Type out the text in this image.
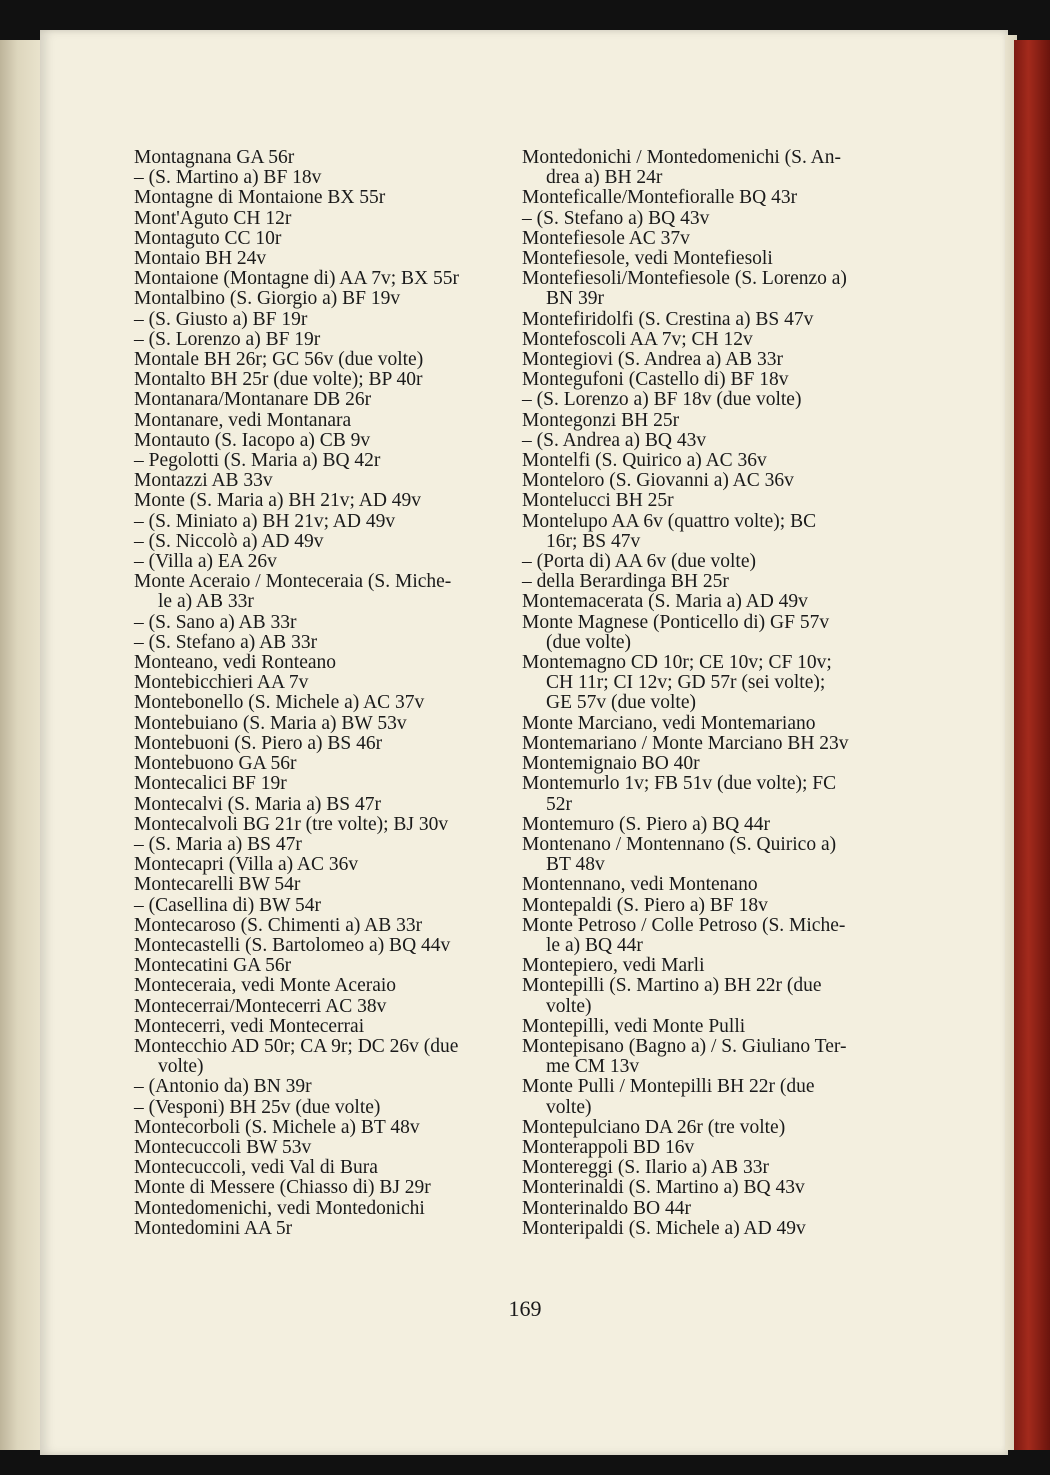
Montagnana GA 56r
– (S. Martino a) BF 18v
Montagne di Montaione BX 55r
Mont'Aguto CH 12r
Montaguto CC 10r
Montaio BH 24v
Montaione (Montagne di) AA 7v; BX 55r
Montalbino (S. Giorgio a) BF 19v
– (S. Giusto a) BF 19r
– (S. Lorenzo a) BF 19r
Montale BH 26r; GC 56v (due volte)
Montalto BH 25r (due volte); BP 40r
Montanara/Montanare DB 26r
Montanare, vedi Montanara
Montauto (S. Iacopo a) CB 9v
– Pegolotti (S. Maria a) BQ 42r
Montazzi AB 33v
Monte (S. Maria a) BH 21v; AD 49v
– (S. Miniato a) BH 21v; AD 49v
– (S. Niccolò a) AD 49v
– (Villa a) EA 26v
Monte Aceraio / Monteceraia (S. Miche-
le a) AB 33r
– (S. Sano a) AB 33r
– (S. Stefano a) AB 33r
Monteano, vedi Ronteano
Montebicchieri AA 7v
Montebonello (S. Michele a) AC 37v
Montebuiano (S. Maria a) BW 53v
Montebuoni (S. Piero a) BS 46r
Montebuono GA 56r
Montecalici BF 19r
Montecalvi (S. Maria a) BS 47r
Montecalvoli BG 21r (tre volte); BJ 30v
– (S. Maria a) BS 47r
Montecapri (Villa a) AC 36v
Montecarelli BW 54r
– (Casellina di) BW 54r
Montecaroso (S. Chimenti a) AB 33r
Montecastelli (S. Bartolomeo a) BQ 44v
Montecatini GA 56r
Monteceraia, vedi Monte Aceraio
Montecerrai/Montecerri AC 38v
Montecerri, vedi Montecerrai
Montecchio AD 50r; CA 9r; DC 26v (due
volte)
– (Antonio da) BN 39r
– (Vesponi) BH 25v (due volte)
Montecorboli (S. Michele a) BT 48v
Montecuccoli BW 53v
Montecuccoli, vedi Val di Bura
Monte di Messere (Chiasso di) BJ 29r
Montedomenichi, vedi Montedonichi
Montedomini AA 5r
Montedonichi / Montedomenichi (S. An-
drea a) BH 24r
Monteficalle/Montefioralle BQ 43r
– (S. Stefano a) BQ 43v
Montefiesole AC 37v
Montefiesole, vedi Montefiesoli
Montefiesoli/Montefiesole (S. Lorenzo a)
BN 39r
Montefiridolfi (S. Crestina a) BS 47v
Montefoscoli AA 7v; CH 12v
Montegiovi (S. Andrea a) AB 33r
Montegufoni (Castello di) BF 18v
– (S. Lorenzo a) BF 18v (due volte)
Montegonzi BH 25r
– (S. Andrea a) BQ 43v
Montelfi (S. Quirico a) AC 36v
Monteloro (S. Giovanni a) AC 36v
Montelucci BH 25r
Montelupo AA 6v (quattro volte); BC
16r; BS 47v
– (Porta di) AA 6v (due volte)
– della Berardinga BH 25r
Montemacerata (S. Maria a) AD 49v
Monte Magnese (Ponticello di) GF 57v
(due volte)
Montemagno CD 10r; CE 10v; CF 10v;
CH 11r; CI 12v; GD 57r (sei volte);
GE 57v (due volte)
Monte Marciano, vedi Montemariano
Montemariano / Monte Marciano BH 23v
Montemignaio BO 40r
Montemurlo 1v; FB 51v (due volte); FC
52r
Montemuro (S. Piero a) BQ 44r
Montenano / Montennano (S. Quirico a)
BT 48v
Montennano, vedi Montenano
Montepaldi (S. Piero a) BF 18v
Monte Petroso / Colle Petroso (S. Miche-
le a) BQ 44r
Montepiero, vedi Marli
Montepilli (S. Martino a) BH 22r (due
volte)
Montepilli, vedi Monte Pulli
Montepisano (Bagno a) / S. Giuliano Ter-
me CM 13v
Monte Pulli / Montepilli BH 22r (due
volte)
Montepulciano DA 26r (tre volte)
Monterappoli BD 16v
Montereggi (S. Ilario a) AB 33r
Monterinaldi (S. Martino a) BQ 43v
Monterinaldo BO 44r
Monteripaldi (S. Michele a) AD 49v
169
